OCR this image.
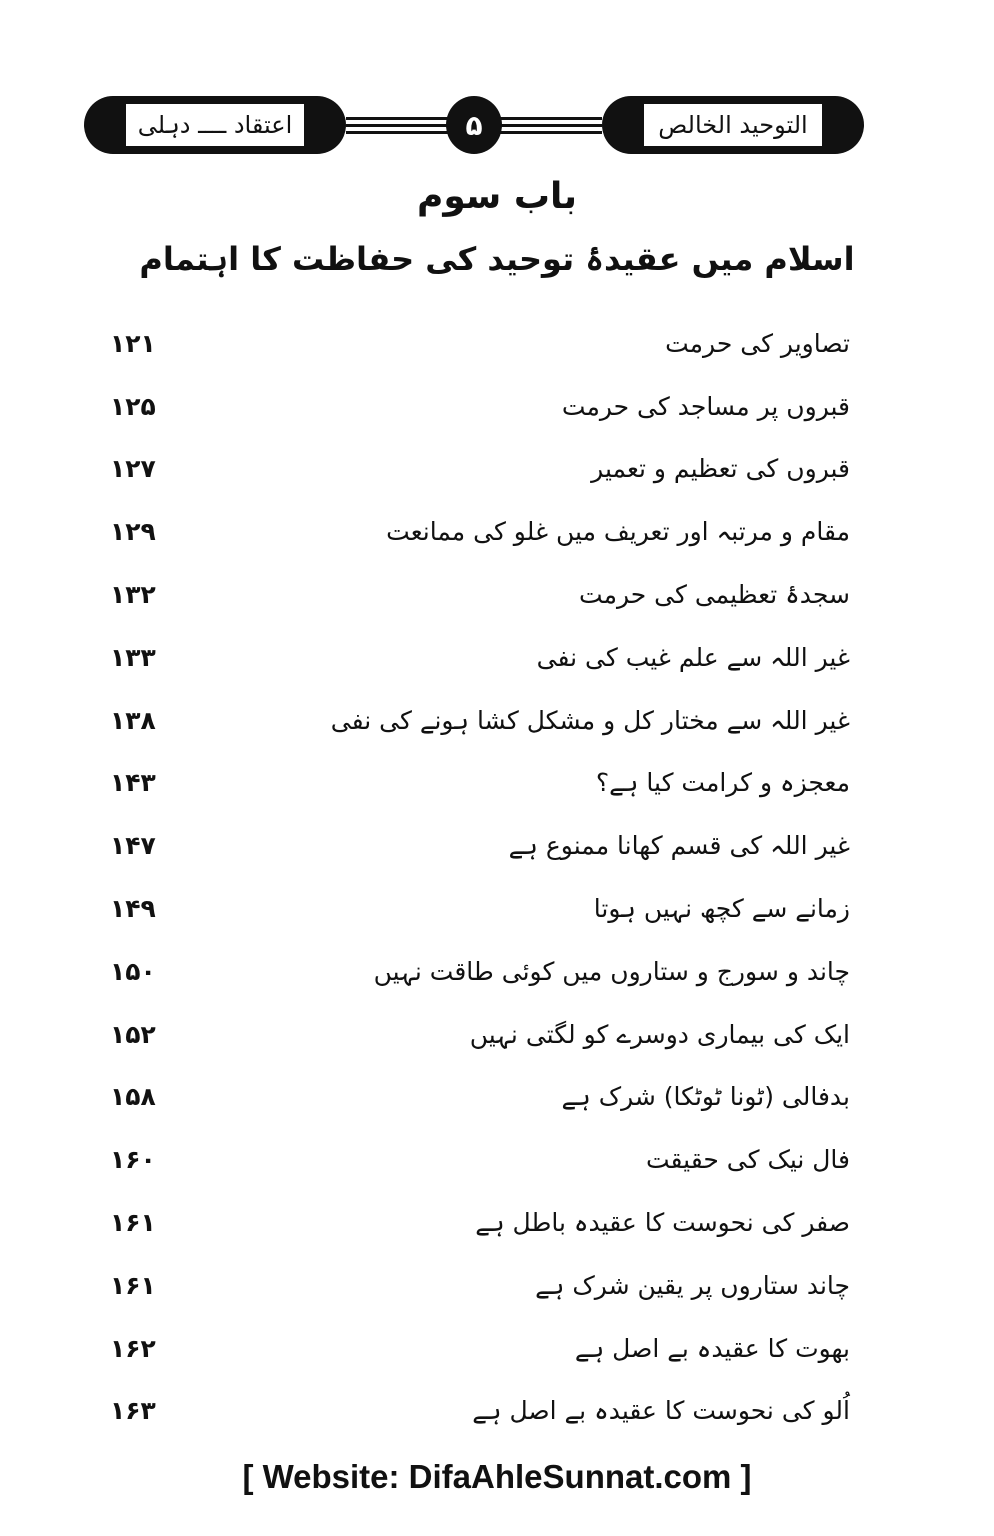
اعتقاد ــــ دہلی	۵	التوحید الخالص
باب سوم
اسلام میں عقیدۂ توحید کی حفاظت کا اہتمام
تصاویر کی حرمت
۱۲۱
قبروں پر مساجد کی حرمت
۱۲۵
قبروں کی تعظیم و تعمیر
۱۲۷
مقام و مرتبہ اور تعریف میں غلو کی ممانعت
۱۲۹
سجدۂ تعظیمی کی حرمت
۱۳۲
غیر اللہ سے علم غیب کی نفی
۱۳۳
غیر اللہ سے مختار کل و مشکل کشا ہونے کی نفی
۱۳۸
معجزہ و کرامت کیا ہے؟
۱۴۳
غیر اللہ کی قسم کھانا ممنوع ہے
۱۴۷
زمانے سے کچھ نہیں ہوتا
۱۴۹
چاند و سورج و ستاروں میں کوئی طاقت نہیں
۱۵۰
ایک کی بیماری دوسرے کو لگتی نہیں
۱۵۲
بدفالی (ٹونا ٹوٹکا) شرک ہے
۱۵۸
فال نیک کی حقیقت
۱۶۰
صفر کی نحوست کا عقیدہ باطل ہے
۱۶۱
چاند ستاروں پر یقین شرک ہے
۱۶۱
بھوت کا عقیدہ بے اصل ہے
۱۶۲
اُلو کی نحوست کا عقیدہ بے اصل ہے
۱۶۳
[ Website: DifaAhleSunnat.com ]
